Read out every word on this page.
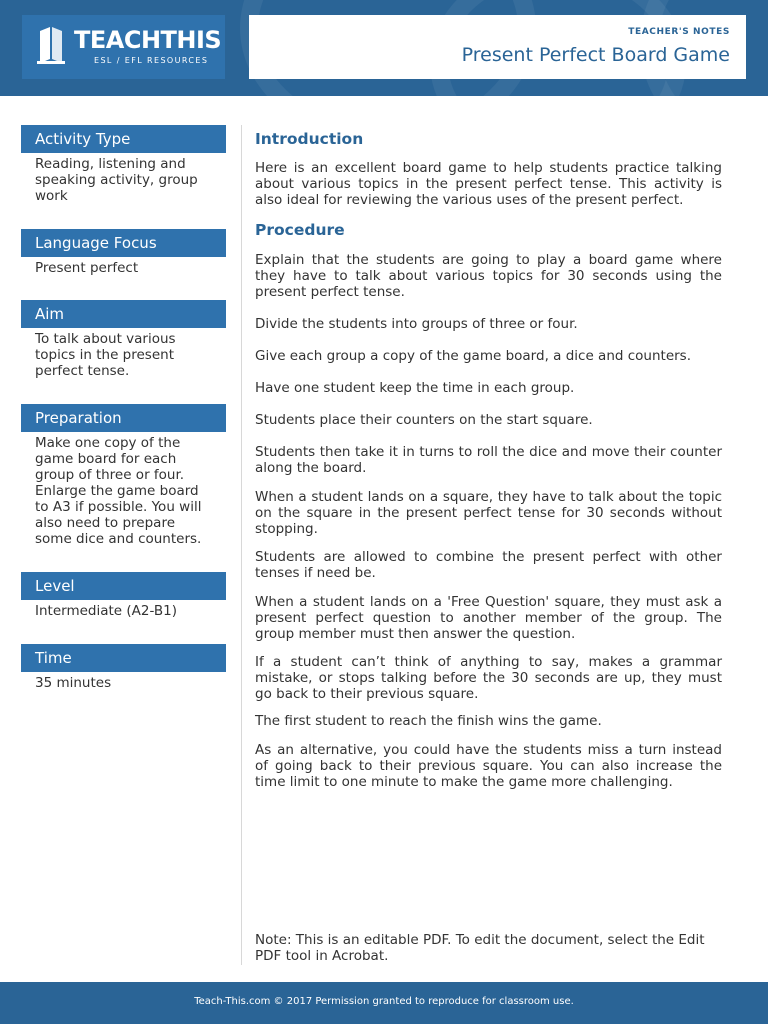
TEACHTHIS
ESL / EFL RESOURCES
TEACHER'S NOTES
Present Perfect Board Game
Activity Type
Reading, listening and speaking activity, group work
Language Focus
Present perfect
Aim
To talk about various topics in the present perfect tense.
Preparation
Make one copy of the game board for each group of three or four. Enlarge the game board to A3 if possible. You will also need to prepare some dice and counters.
Level
Intermediate (A2-B1)
Time
35 minutes
Introduction

Here is an excellent board game to help students practice talking about various topics in the present perfect tense. This activity is also ideal for reviewing the various uses of the present perfect.

Procedure

Explain that the students are going to play a board game where they have to talk about various topics for 30 seconds using the present perfect tense.

Divide the students into groups of three or four.

Give each group a copy of the game board, a dice and counters.

Have one student keep the time in each group.

Students place their counters on the start square.

Students then take it in turns to roll the dice and move their counter along the board.

When a student lands on a square, they have to talk about the topic on the square in the present perfect tense for 30 seconds without stopping.

Students are allowed to combine the present perfect with other tenses if need be.

When a student lands on a 'Free Question' square, they must ask a present perfect question to another member of the group. The group member must then answer the question.

If a student can’t think of anything to say, makes a grammar mistake, or stops talking before the 30 seconds are up, they must go back to their previous square.

The first student to reach the finish wins the game.

As an alternative, you could have the students miss a turn instead of going back to their previous square. You can also increase the time limit to one minute to make the game more challenging.

Note: This is an editable PDF. To edit the document, select the Edit PDF tool in Acrobat.
Teach-This.com © 2017 Permission granted to reproduce for classroom use.
